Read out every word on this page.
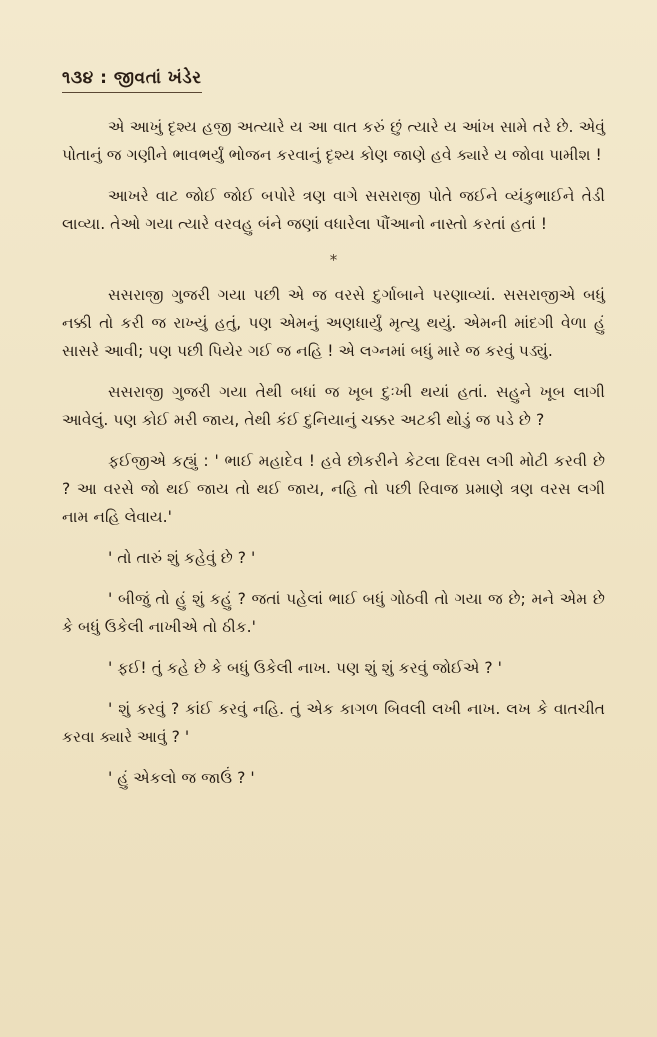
૧૩૪ : જીવતાં ખંડેર

એ આખું દૃશ્ય હજી અત્યારે ય આ વાત કરું છું ત્યારે ય આંખ સામે તરે છે. એવું પોતાનું જ ગણીને ભાવભર્યું ભોજન કરવાનું દૃશ્ય કોણ જાણે હવે ક્યારે ય જોવા પામીશ !

આખરે વાટ જોઈ જોઈ બપોરે ત્રણ વાગે સસરાજી પોતે જઈને વ્યંકુભાઈને તેડી લાવ્યા. તેઓ ગયા ત્યારે વરવહુ બંને જણાં વધારેલા પૌંઆનો નાસ્તો કરતાં હતાં !

*

સસરાજી ગુજરી ગયા પછી એ જ વરસે દુર્ગાબાને પરણાવ્યાં. સસરાજીએ બધું નક્કી તો કરી જ રાખ્યું હતું, પણ એમનું અણધાર્યું મૃત્યુ થયું. એમની માંદગી વેળા હું સાસરે આવી; પણ પછી પિયેર ગઈ જ નહિ ! એ લગ્નમાં બધું મારે જ કરવું પડ્યું.

સસરાજી ગુજરી ગયા તેથી બધાં જ ખૂબ દુઃખી થયાં હતાં. સહુને ખૂબ લાગી આવેલું. પણ કોઈ મરી જાય, તેથી કંઈ દુનિયાનું ચક્કર અટકી થોડું જ પડે છે ?

ફઈજીએ કહ્યું : ' ભાઈ મહાદેવ ! હવે છોકરીને કેટલા દિવસ લગી મોટી કરવી છે ? આ વરસે જો થઈ જાય તો થઈ જાય, નહિ તો પછી રિવાજ પ્રમાણે ત્રણ વરસ લગી નામ નહિ લેવાય.'

' તો તારું શું કહેવું છે ? '

' બીજું તો હું શું કહું ? જતાં પહેલાં ભાઈ બધું ગોઠવી તો ગયા જ છે; મને એમ છે કે બધું ઉકેલી નાખીએ તો ઠીક.'

' ફઈ! તું કહે છે કે બધું ઉકેલી નાખ. પણ શું શું કરવું જોઈએ ? '

' શું કરવું ? કાંઈ કરવું નહિ. તું એક કાગળ બિવલી લખી નાખ. લખ કે વાતચીત કરવા ક્યારે આવું ? '

' હું એકલો જ જાઉં ? '
